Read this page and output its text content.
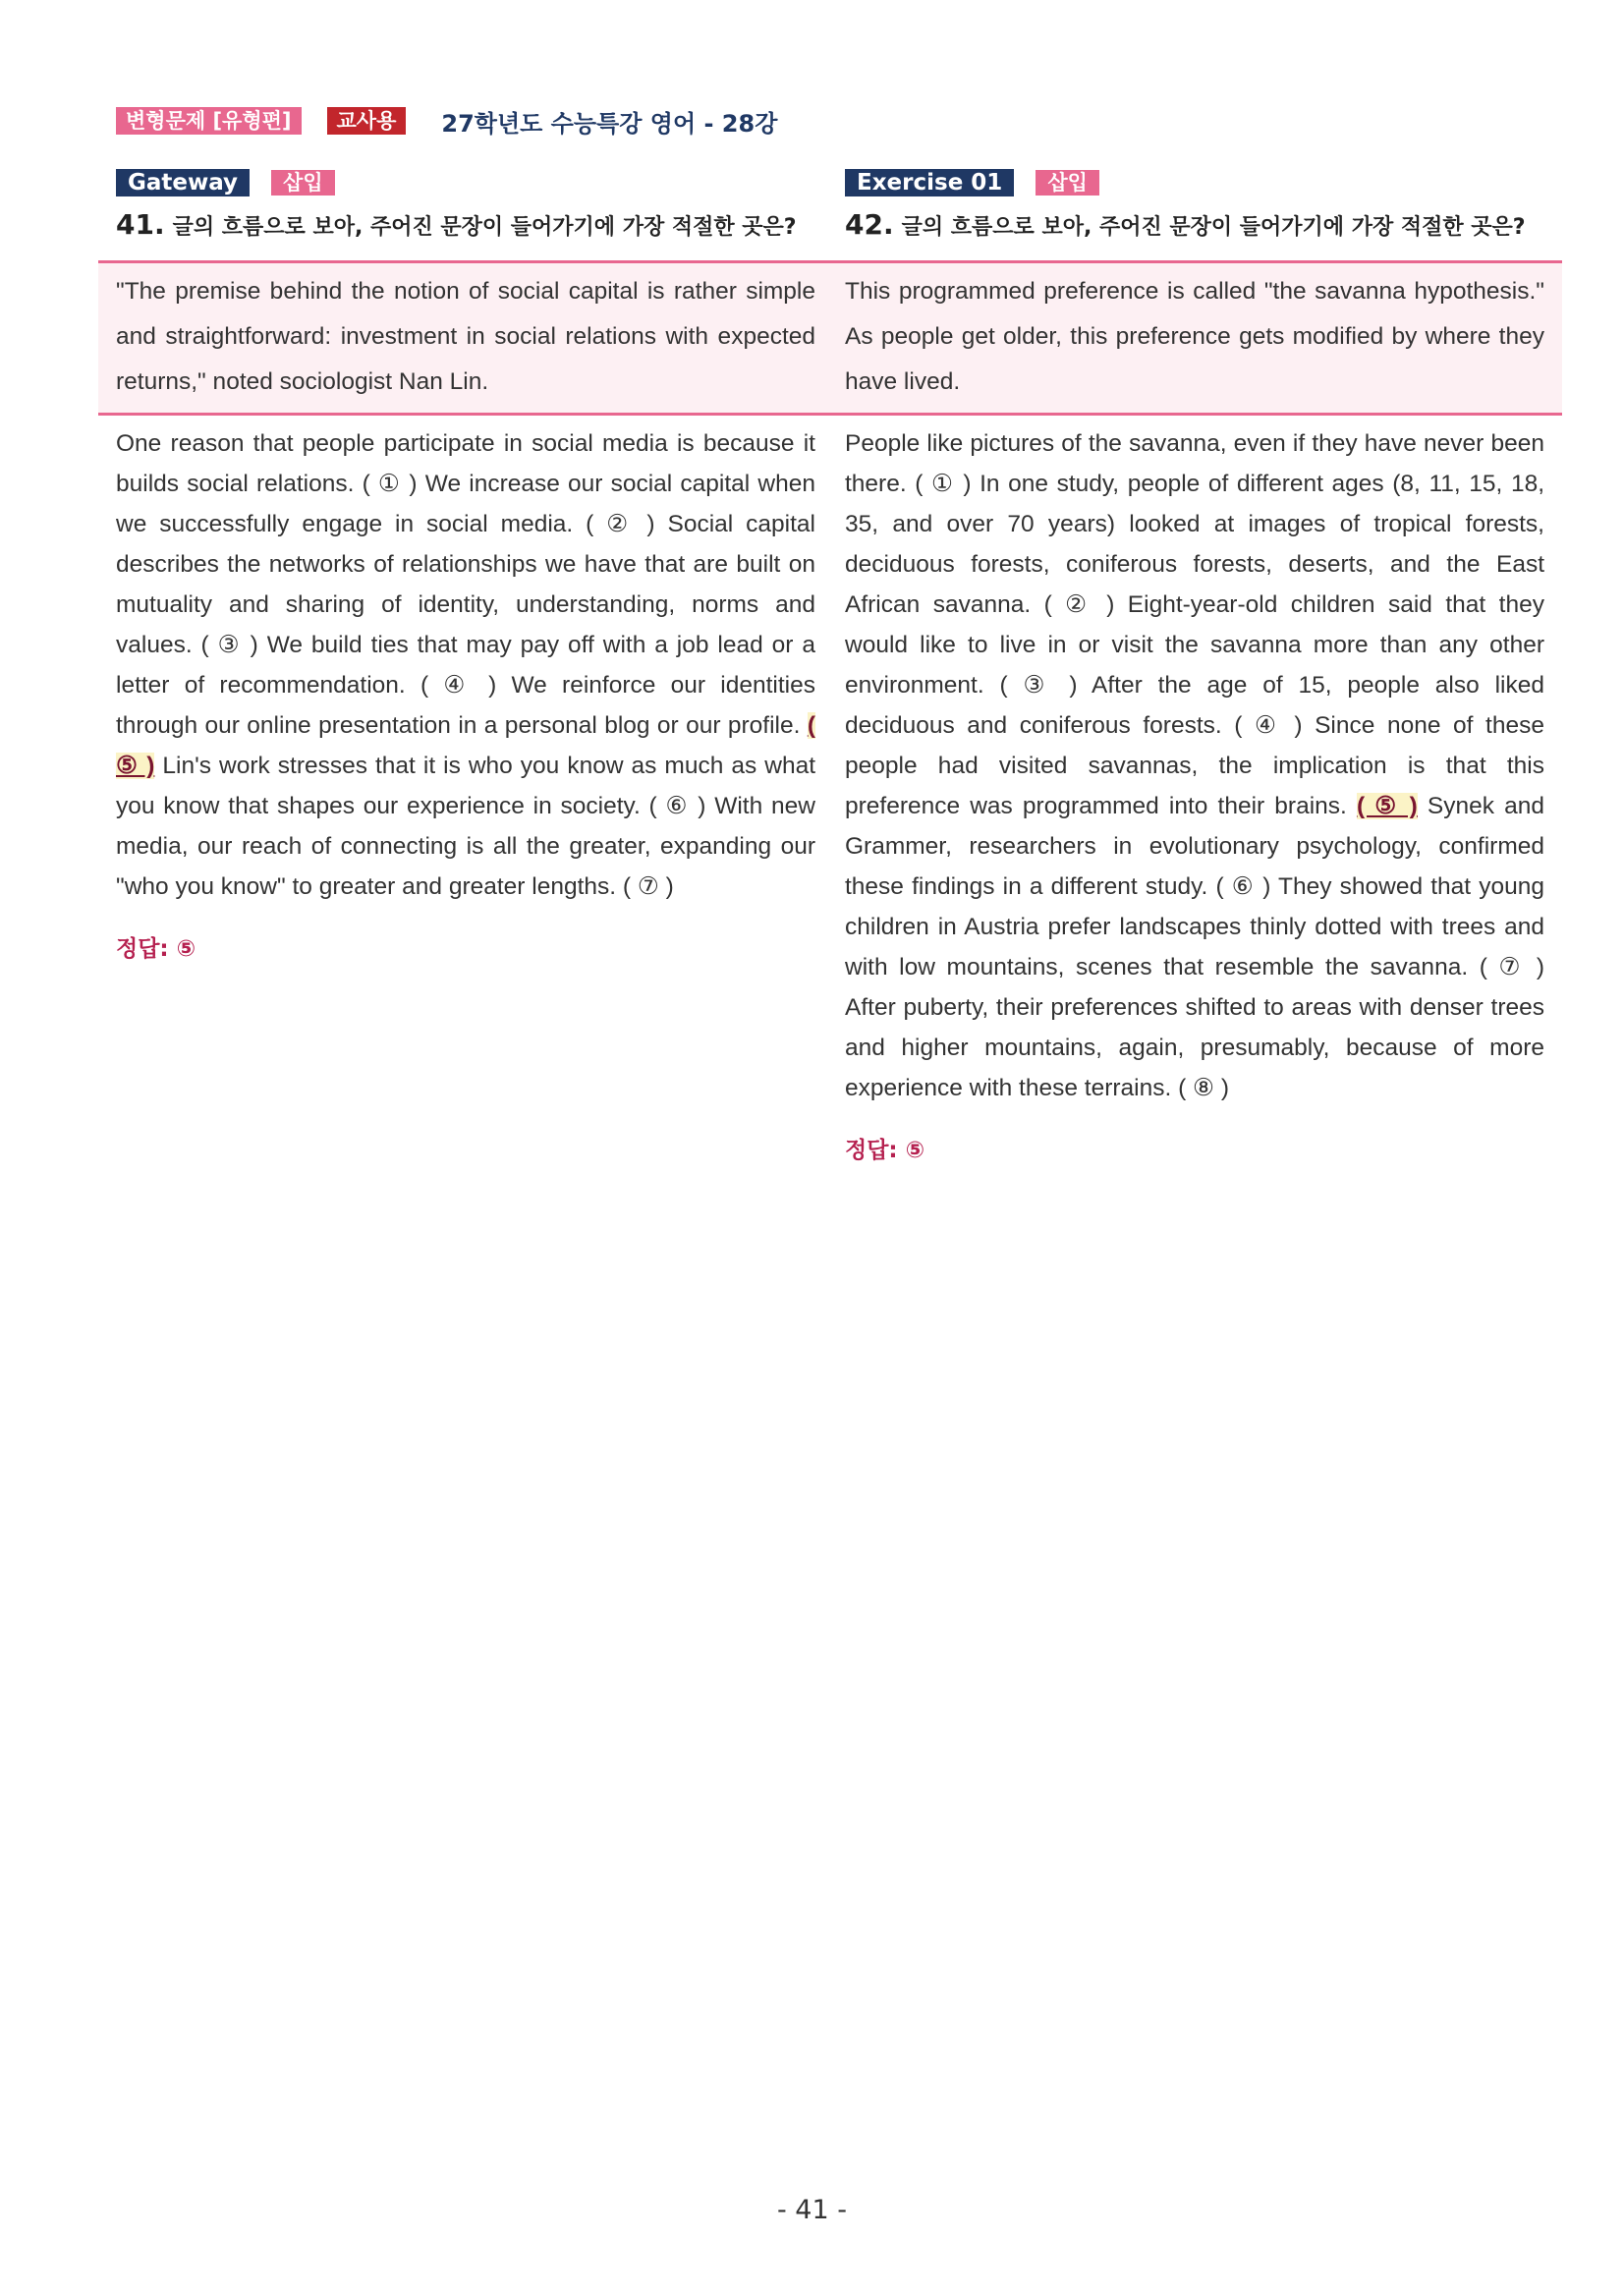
변형문제 [유형편]	교사용	27학년도 수능특강 영어 - 28강
Gateway	삽입
41. 글의 흐름으로 보아, 주어진 문장이 들어가기에 가장 적절한 곳은?
"The premise behind the notion of social capital is rather simple and straightforward: investment in social relations with expected returns," noted sociologist Nan Lin.
One reason that people participate in social media is because it builds social relations. ( ① ) We increase our social capital when we successfully engage in social media. ( ② ) Social capital describes the networks of relationships we have that are built on mutuality and sharing of identity, understanding, norms and values. ( ③ ) We build ties that may pay off with a job lead or a letter of recommendation. ( ④ ) We reinforce our identities through our online presentation in a personal blog or our profile. ( ⑤ ) Lin's work stresses that it is who you know as much as what you know that shapes our experience in society. ( ⑥ ) With new media, our reach of connecting is all the greater, expanding our "who you know" to greater and greater lengths. ( ⑦ )
정답: ⑤
Exercise 01	삽입
42. 글의 흐름으로 보아, 주어진 문장이 들어가기에 가장 적절한 곳은?
This programmed preference is called "the savanna hypothesis." As people get older, this preference gets modified by where they have lived.
People like pictures of the savanna, even if they have never been there. ( ① ) In one study, people of different ages (8, 11, 15, 18, 35, and over 70 years) looked at images of tropical forests, deciduous forests, coniferous forests, deserts, and the East African savanna. ( ② ) Eight-year-old children said that they would like to live in or visit the savanna more than any other environment. ( ③ ) After the age of 15, people also liked deciduous and coniferous forests. ( ④ ) Since none of these people had visited savannas, the implication is that this preference was programmed into their brains. ( ⑤ ) Synek and Grammer, researchers in evolutionary psychology, confirmed these findings in a different study. ( ⑥ ) They showed that young children in Austria prefer landscapes thinly dotted with trees and with low mountains, scenes that resemble the savanna. ( ⑦ ) After puberty, their preferences shifted to areas with denser trees and higher mountains, again, presumably, because of more experience with these terrains. ( ⑧ )
정답: ⑤
- 41 -
